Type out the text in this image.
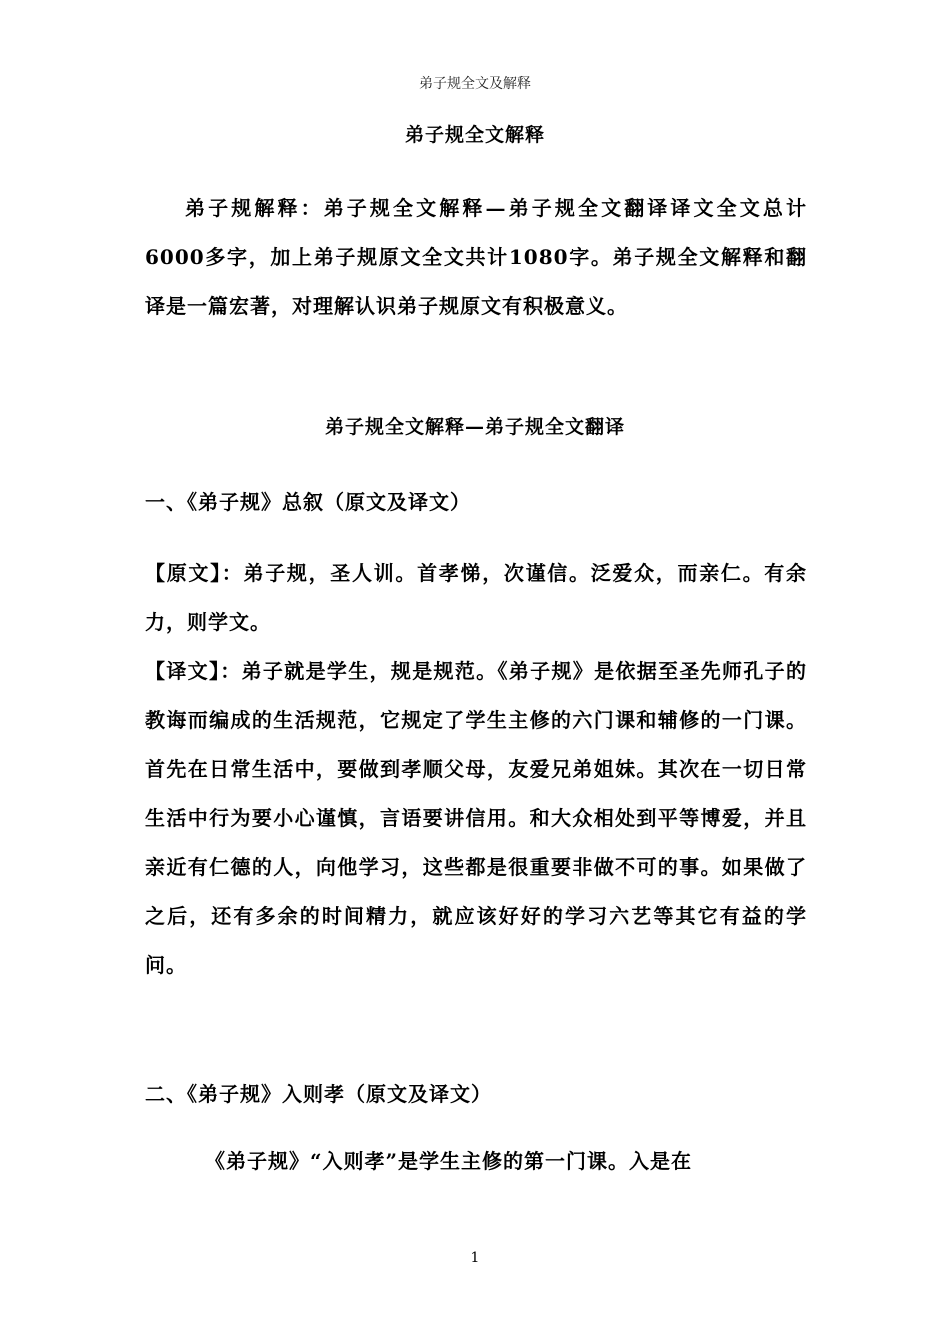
弟子规全文及解释
弟子规全文解释
弟子规解释：弟子规全文解释—弟子规全文翻译译文全文总计6000多字，加上弟子规原文全文共计1080字。弟子规全文解释和翻译是一篇宏著，对理解认识弟子规原文有积极意义。
弟子规全文解释—弟子规全文翻译
一、《弟子规》总叙（原文及译文）
【原文】：弟子规，圣人训。首孝悌，次谨信。泛爱众，而亲仁。有余力，则学文。
【译文】：弟子就是学生，规是规范。《弟子规》是依据至圣先师孔子的教诲而编成的生活规范，它规定了学生主修的六门课和辅修的一门课。首先在日常生活中，要做到孝顺父母，友爱兄弟姐妹。其次在一切日常生活中行为要小心谨慎，言语要讲信用。和大众相处到平等博爱，并且亲近有仁德的人，向他学习，这些都是很重要非做不可的事。如果做了之后，还有多余的时间精力，就应该好好的学习六艺等其它有益的学问。
二、《弟子规》入则孝（原文及译文）
《弟子规》“入则孝”是学生主修的第一门课。入是在
1
